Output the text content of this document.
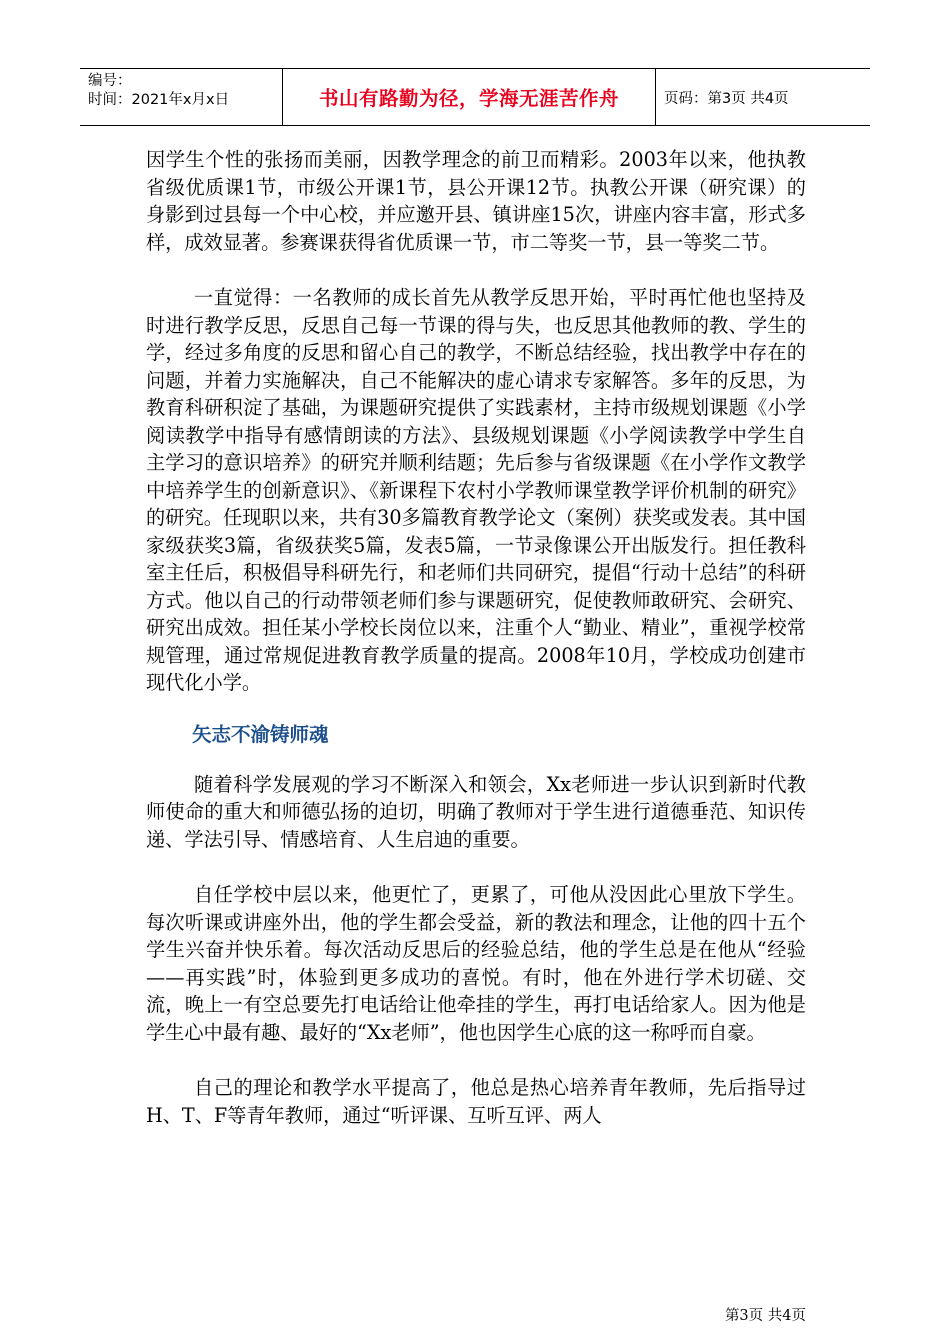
编号：
时间：2021年x月x日	书山有路勤为径，学海无涯苦作舟	页码：第3页 共4页

因学生个性的张扬而美丽，因教学理念的前卫而精彩。2003年以来，他执教省级优质课1节，市级公开课1节，县公开课12节。执教公开课（研究课）的身影到过县每一个中心校，并应邀开县、镇讲座15次，讲座内容丰富，形式多样，成效显著。参赛课获得省优质课一节，市二等奖一节，县一等奖二节。

一直觉得：一名教师的成长首先从教学反思开始，平时再忙他也坚持及时进行教学反思，反思自己每一节课的得与失，也反思其他教师的教、学生的学，经过多角度的反思和留心自己的教学，不断总结经验，找出教学中存在的问题，并着力实施解决，自己不能解决的虚心请求专家解答。多年的反思，为教育科研积淀了基础，为课题研究提供了实践素材，主持市级规划课题《小学阅读教学中指导有感情朗读的方法》、县级规划课题《小学阅读教学中学生自主学习的意识培养》的研究并顺利结题；先后参与省级课题《在小学作文教学中培养学生的创新意识》、《新课程下农村小学教师课堂教学评价机制的研究》的研究。任现职以来，共有30多篇教育教学论文（案例）获奖或发表。其中国家级获奖3篇，省级获奖5篇，发表5篇，一节录像课公开出版发行。担任教科室主任后，积极倡导科研先行，和老师们共同研究，提倡“行动十总结”的科研方式。他以自己的行动带领老师们参与课题研究，促使教师敢研究、会研究、研究出成效。担任某小学校长岗位以来，注重个人“勤业、精业”，重视学校常规管理，通过常规促进教育教学质量的提高。2008年10月，学校成功创建市现代化小学。

矢志不渝铸师魂

随着科学发展观的学习不断深入和领会，Xx老师进一步认识到新时代教师使命的重大和师德弘扬的迫切，明确了教师对于学生进行道德垂范、知识传递、学法引导、情感培育、人生启迪的重要。

自任学校中层以来，他更忙了，更累了，可他从没因此心里放下学生。每次听课或讲座外出，他的学生都会受益，新的教法和理念，让他的四十五个学生兴奋并快乐着。每次活动反思后的经验总结，他的学生总是在他从“经验——再实践”时，体验到更多成功的喜悦。有时，他在外进行学术切磋、交流，晚上一有空总要先打电话给让他牵挂的学生，再打电话给家人。因为他是学生心中最有趣、最好的“Xx老师”，他也因学生心底的这一称呼而自豪。

自己的理论和教学水平提高了，他总是热心培养青年教师，先后指导过H、T、F等青年教师，通过“听评课、互听互评、两人

第3页 共4页
